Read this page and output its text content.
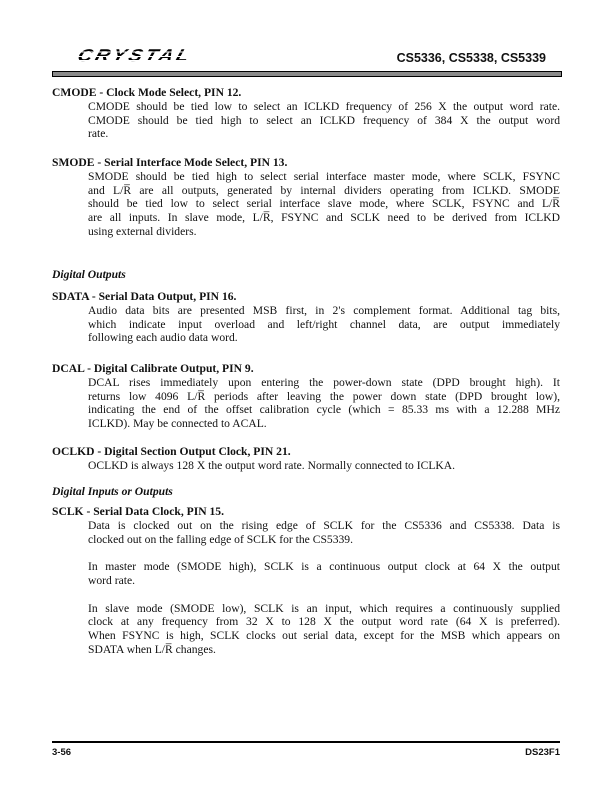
CRYSTAL	CS5336, CS5338, CS5339
CMODE - Clock Mode Select, PIN 12.
CMODE should be tied low to select an ICLKD frequency of 256 X the output word rate.
CMODE should be tied high to select an ICLKD frequency of 384 X the output word
rate.
SMODE - Serial Interface Mode Select, PIN 13.
SMODE should be tied high to select serial interface master mode, where SCLK, FSYNC
and L/R̅ are all outputs, generated by internal dividers operating from ICLKD. SMODE
should be tied low to select serial interface slave mode, where SCLK, FSYNC and L/R̅
are all inputs. In slave mode, L/R̅, FSYNC and SCLK need to be derived from ICLKD
using external dividers.
Digital Outputs
SDATA - Serial Data Output, PIN 16.
Audio data bits are presented MSB first, in 2's complement format. Additional tag bits,
which indicate input overload and left/right channel data, are output immediately
following each audio data word.
DCAL - Digital Calibrate Output, PIN 9.
DCAL rises immediately upon entering the power-down state (DPD brought high). It
returns low 4096 L/R̅ periods after leaving the power down state (DPD brought low),
indicating the end of the offset calibration cycle (which = 85.33 ms with a 12.288 MHz
ICLKD). May be connected to ACAL.
OCLKD - Digital Section Output Clock, PIN 21.
OCLKD is always 128 X the output word rate. Normally connected to ICLKA.
Digital Inputs or Outputs
SCLK - Serial Data Clock, PIN 15.
Data is clocked out on the rising edge of SCLK for the CS5336 and CS5338. Data is
clocked out on the falling edge of SCLK for the CS5339.
In master mode (SMODE high), SCLK is a continuous output clock at 64 X the output
word rate.
In slave mode (SMODE low), SCLK is an input, which requires a continuously supplied
clock at any frequency from 32 X to 128 X the output word rate (64 X is preferred).
When FSYNC is high, SCLK clocks out serial data, except for the MSB which appears on
SDATA when L/R̅ changes.
3-56	DS23F1
